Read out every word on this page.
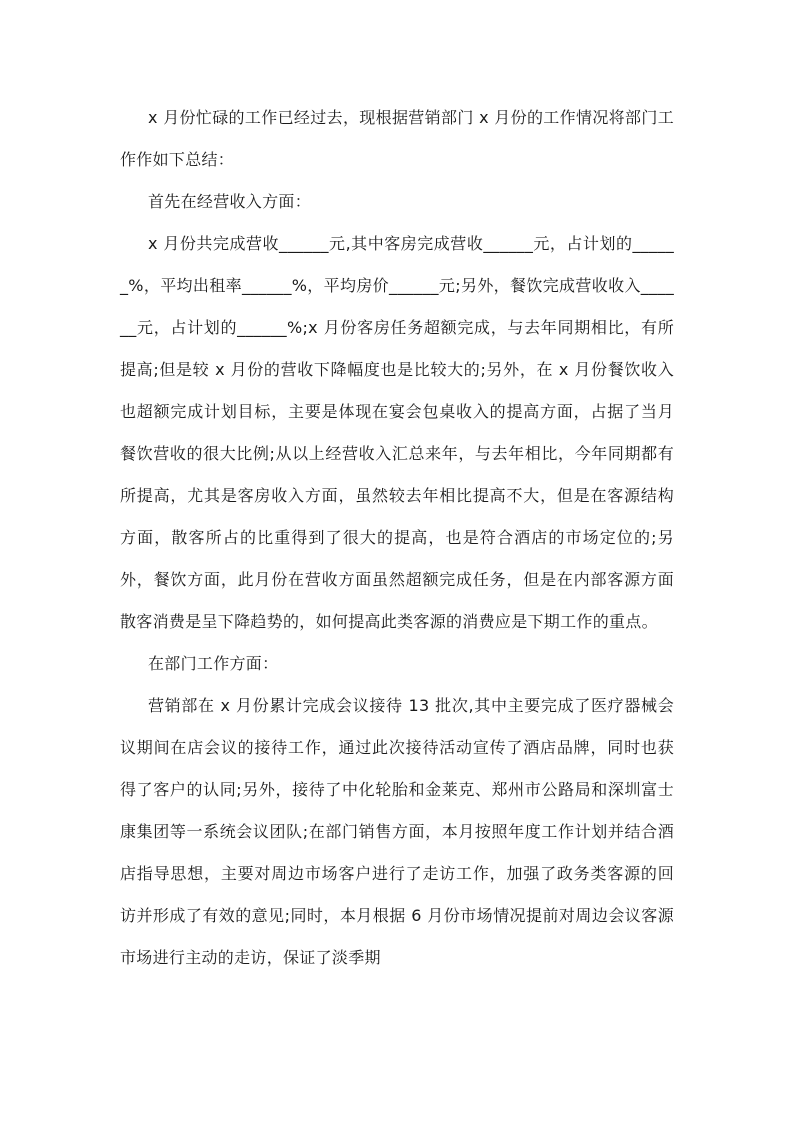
x 月份忙碌的工作已经过去，现根据营销部门 x 月份的工作情况将部门工作作如下总结：

首先在经营收入方面：

x 月份共完成营收______元,其中客房完成营收______元，占计划的______%，平均出租率______%，平均房价______元;另外，餐饮完成营收收入______元，占计划的______%;x 月份客房任务超额完成，与去年同期相比，有所提高;但是较 x 月份的营收下降幅度也是比较大的;另外，在 x 月份餐饮收入也超额完成计划目标，主要是体现在宴会包桌收入的提高方面，占据了当月餐饮营收的很大比例;从以上经营收入汇总来年，与去年相比，今年同期都有所提高，尤其是客房收入方面，虽然较去年相比提高不大，但是在客源结构方面，散客所占的比重得到了很大的提高，也是符合酒店的市场定位的;另外，餐饮方面，此月份在营收方面虽然超额完成任务，但是在内部客源方面散客消费是呈下降趋势的，如何提高此类客源的消费应是下期工作的重点。

在部门工作方面：

营销部在 x 月份累计完成会议接待 13 批次,其中主要完成了医疗器械会议期间在店会议的接待工作，通过此次接待活动宣传了酒店品牌，同时也获得了客户的认同;另外，接待了中化轮胎和金莱克、郑州市公路局和深圳富士康集团等一系统会议团队;在部门销售方面，本月按照年度工作计划并结合酒店指导思想，主要对周边市场客户进行了走访工作，加强了政务类客源的回访并形成了有效的意见;同时，本月根据 6 月份市场情况提前对周边会议客源市场进行主动的走访，保证了淡季期
